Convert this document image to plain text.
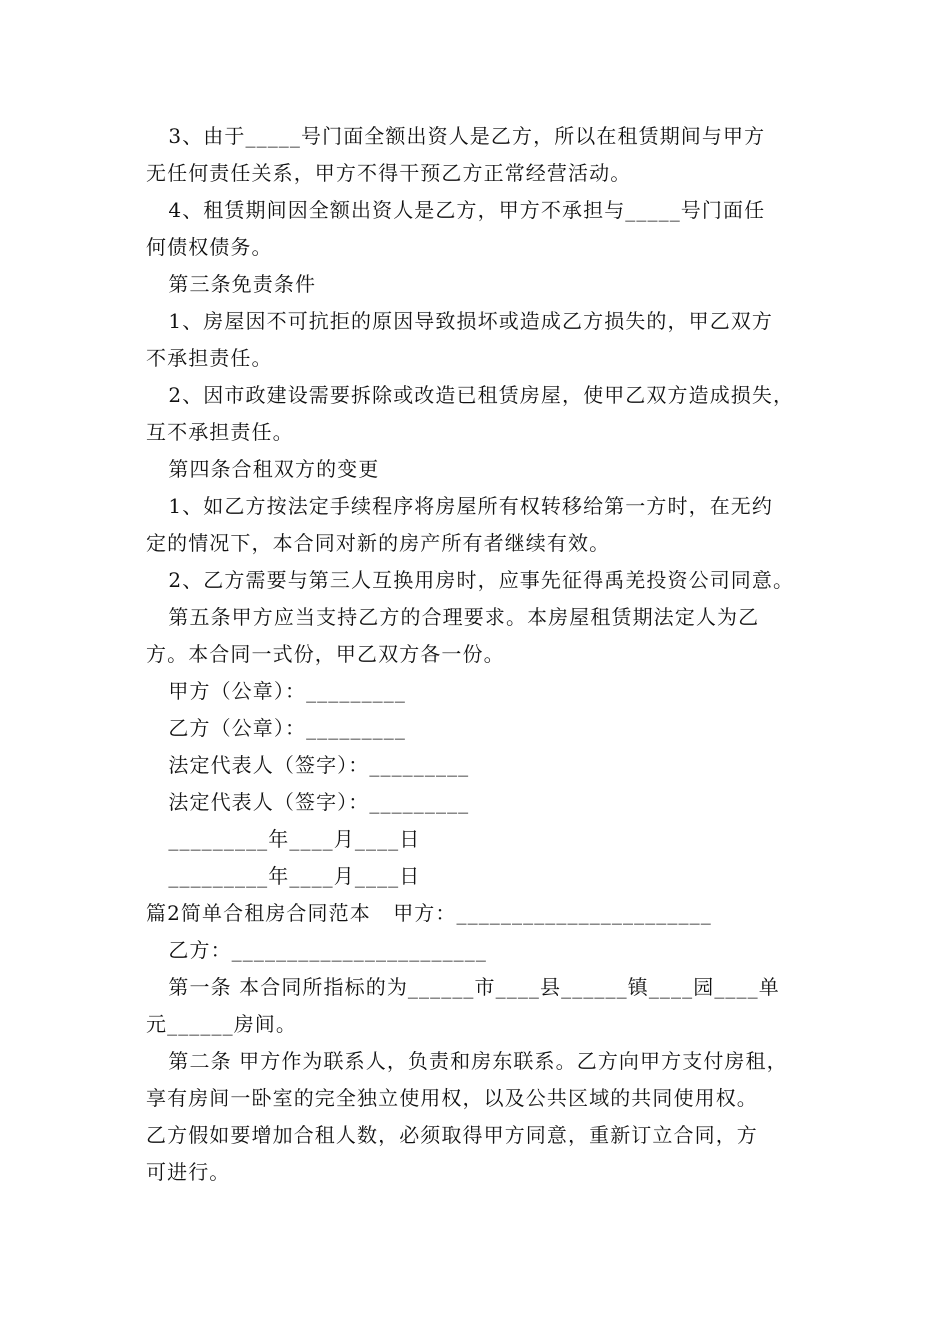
3、由于_____号门面全额出资人是乙方，所以在租赁期间与甲方
无任何责任关系，甲方不得干预乙方正常经营活动。
4、租赁期间因全额出资人是乙方，甲方不承担与_____号门面任
何债权债务。
第三条免责条件
1、房屋因不可抗拒的原因导致损坏或造成乙方损失的，甲乙双方
不承担责任。
2、因市政建设需要拆除或改造已租赁房屋，使甲乙双方造成损失，
互不承担责任。
第四条合租双方的变更
1、如乙方按法定手续程序将房屋所有权转移给第一方时，在无约
定的情况下，本合同对新的房产所有者继续有效。
2、乙方需要与第三人互换用房时，应事先征得禹羌投资公司同意。
第五条甲方应当支持乙方的合理要求。本房屋租赁期法定人为乙
方。本合同一式份，甲乙双方各一份。
甲方（公章）：_________
乙方（公章）：_________
法定代表人（签字）：_________
法定代表人（签字）：_________
_________年____月____日
_________年____月____日
篇2简单合租房合同范本   甲方：_______________________
乙方：_______________________
第一条 本合同所指标的为______市____县______镇____园____单
元______房间。
第二条 甲方作为联系人，负责和房东联系。乙方向甲方支付房租，
享有房间一卧室的完全独立使用权，以及公共区域的共同使用权。
乙方假如要增加合租人数，必须取得甲方同意，重新订立合同，方
可进行。
